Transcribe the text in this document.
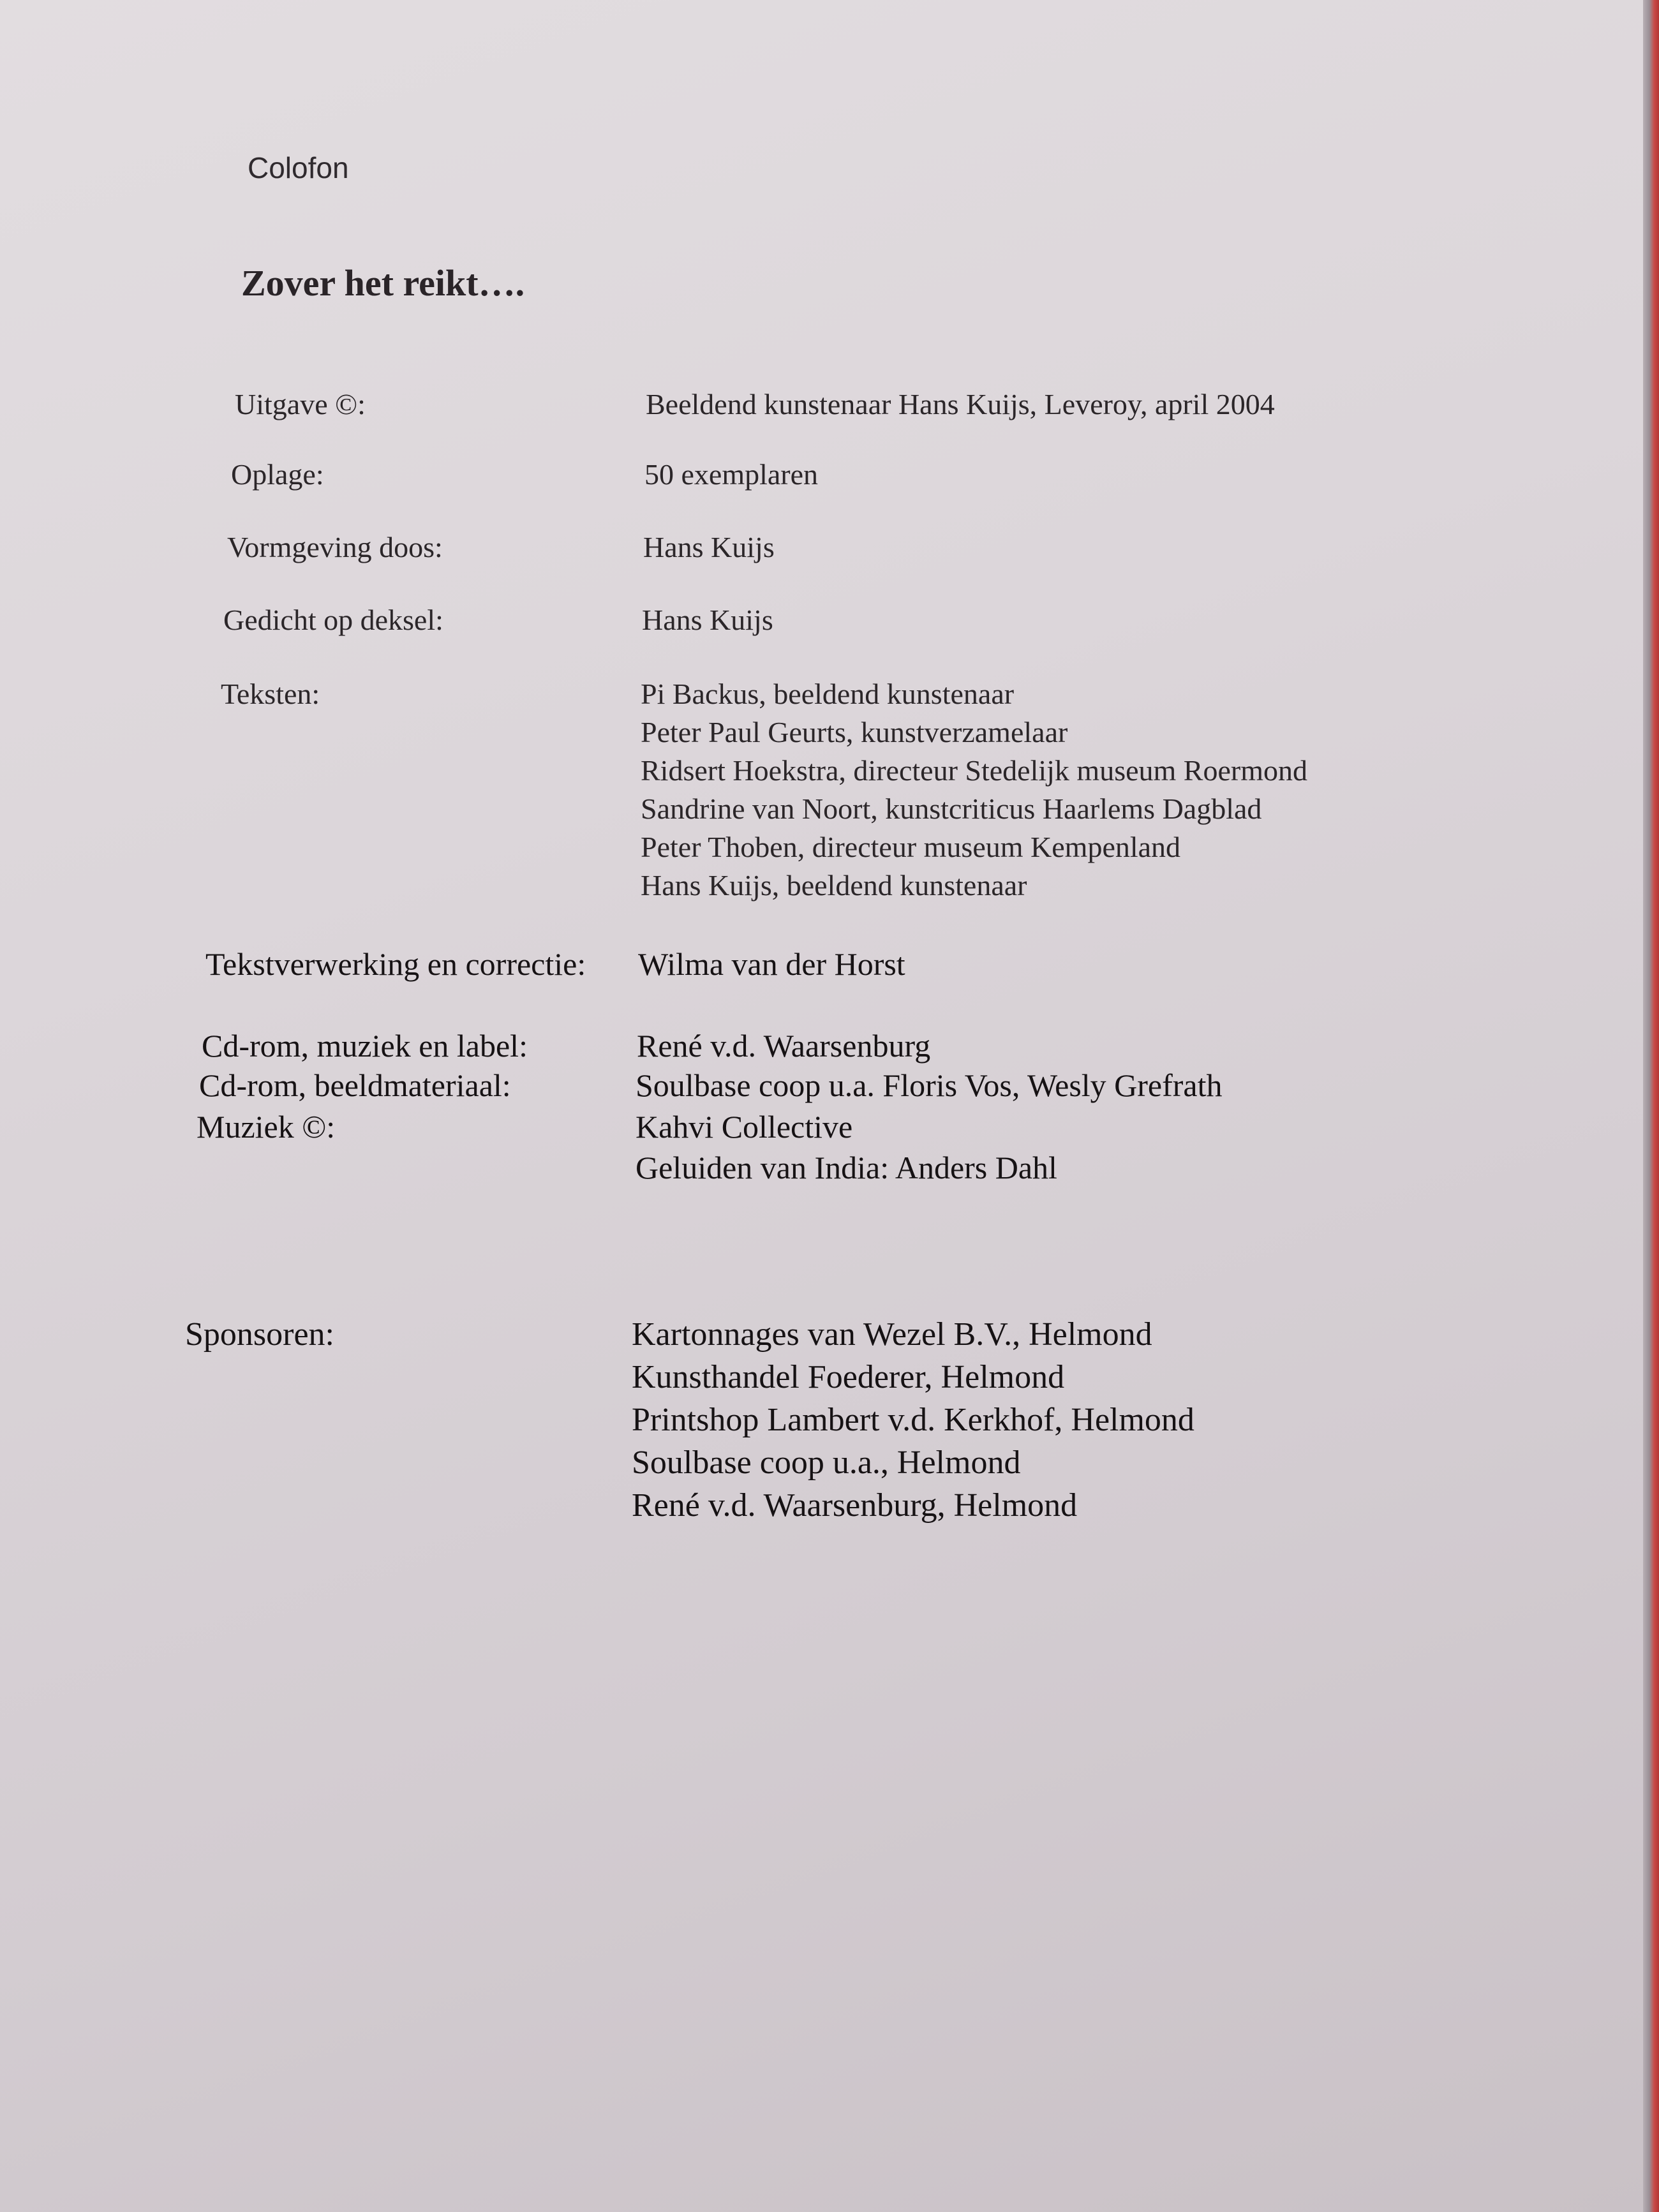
Colofon
Zover het reikt….
Uitgave ©:	Beeldend kunstenaar Hans Kuijs, Leveroy, april 2004
Oplage:	50 exemplaren
Vormgeving doos:	Hans Kuijs
Gedicht op deksel:	Hans Kuijs
Teksten:	Pi Backus, beeldend kunstenaar
Peter Paul Geurts, kunstverzamelaar
Ridsert Hoekstra, directeur Stedelijk museum Roermond
Sandrine van Noort, kunstcriticus Haarlems Dagblad
Peter Thoben, directeur museum Kempenland
Hans Kuijs, beeldend kunstenaar
Tekstverwerking en correctie: Wilma van der Horst
Cd-rom, muziek en label:	René v.d. Waarsenburg
Cd-rom, beeldmateriaal:	Soulbase coop u.a. Floris Vos, Wesly Grefrath
Muziek ©:	Kahvi Collective
Geluiden van India: Anders Dahl
Sponsoren:	Kartonnages van Wezel B.V., Helmond
Kunsthandel Foederer, Helmond
Printshop Lambert v.d. Kerkhof, Helmond
Soulbase coop u.a., Helmond
René v.d. Waarsenburg, Helmond
